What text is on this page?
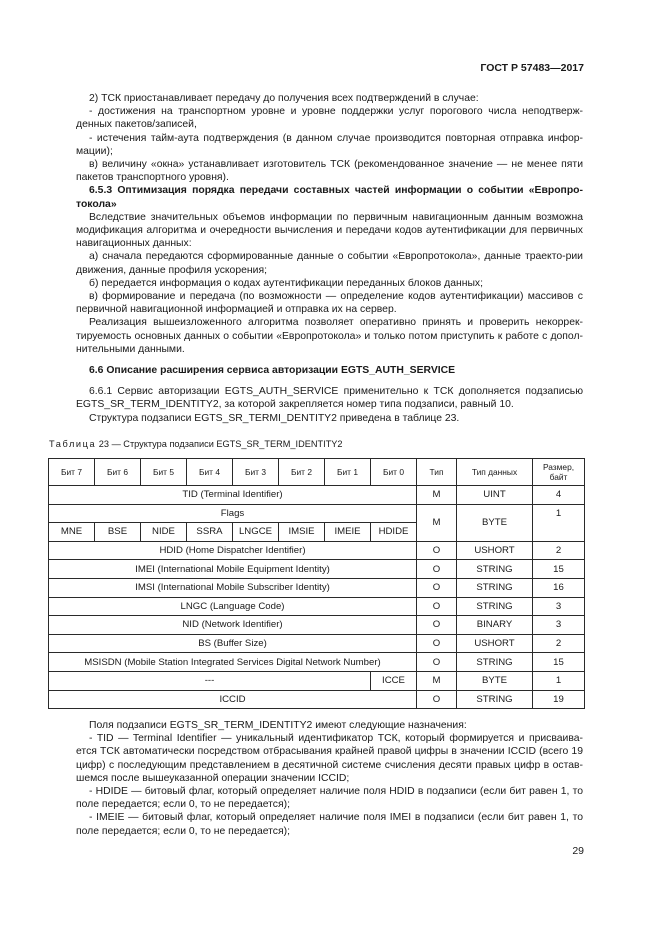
ГОСТ Р 57483—2017

2) ТСК приостанавливает передачу до получения всех подтверждений в случае:

- достижения на транспортном уровне и уровне поддержки услуг порогового числа неподтверж-денных пакетов/записей,

- истечения тайм-аута подтверждения (в данном случае производится повторная отправка инфор-мации);

в) величину «окна» устанавливает изготовитель ТСК (рекомендованное значение — не менее пяти пакетов транспортного уровня).

6.5.3 Оптимизация порядка передачи составных частей информации о событии «Европро-токола»

Вследствие значительных объемов информации по первичным навигационным данным возможна модификация алгоритма и очередности вычисления и передачи кодов аутентификации для первичных навигационных данных:

а) сначала передаются сформированные данные о событии «Европротокола», данные траекто-рии движения, данные профиля ускорения;

б) передается информация о кодах аутентификации переданных блоков данных;

в) формирование и передача (по возможности — определение кодов аутентификации) массивов с первичной навигационной информацией и отправка их на сервер.

Реализация вышеизложенного алгоритма позволяет оперативно принять и проверить некоррек-тируемость основных данных о событии «Европротокола» и только потом приступить к работе с допол-нительными данными.

6.6 Описание расширения сервиса авторизации EGTS_AUTH_SERVICE

6.6.1 Сервис авторизации EGTS_AUTH_SERVICE применительно к ТСК дополняется подзаписью EGTS_SR_TERM_IDENTITY2, за которой закрепляется номер типа подзаписи, равный 10.

Структура подзаписи EGTS_SR_TERMI_DENTITY2 приведена в таблице 23.

Таблица 23 — Структура подзаписи EGTS_SR_TERM_IDENTITY2
Бит 7	Бит 6	Бит 5	Бит 4	Бит 3	Бит 2	Бит 1	Бит 0	Тип	Тип данных	Размер, байт
TID (Terminal Identifier)								M	UINT	4
Flags								M	BYTE	1
MNE	BSE	NIDE	SSRA	LNGCE	IMSIE	IMEIE	HDIDE			
HDID (Home Dispatcher Identifier)								O	USHORT	2
IMEI (International Mobile Equipment Identity)								O	STRING	15
IMSI (International Mobile Subscriber Identity)								O	STRING	16
LNGC (Language Code)								O	STRING	3
NID (Network Identifier)								O	BINARY	3
BS (Buffer Size)								O	USHORT	2
MSISDN (Mobile Station Integrated Services Digital Network Number)								O	STRING	15
---							ICCE	M	BYTE	1
ICCID								O	STRING	19

Поля подзаписи EGTS_SR_TERM_IDENTITY2 имеют следующие назначения:

- TID — Terminal Identifier — уникальный идентификатор ТСК, который формируется и присваива-ется ТСК автоматически посредством отбрасывания крайней правой цифры в значении ICCID (всего 19 цифр) с последующим представлением в десятичной системе счисления десяти правых цифр в остав-шемся после вышеуказанной операции значении ICCID;

- HDIDE — битовый флаг, который определяет наличие поля HDID в подзаписи (если бит равен 1, то поле передается; если 0, то не передается);

- IMEIE — битовый флаг, который определяет наличие поля IMEI в подзаписи (если бит равен 1, то поле передается; если 0, то не передается);

29
